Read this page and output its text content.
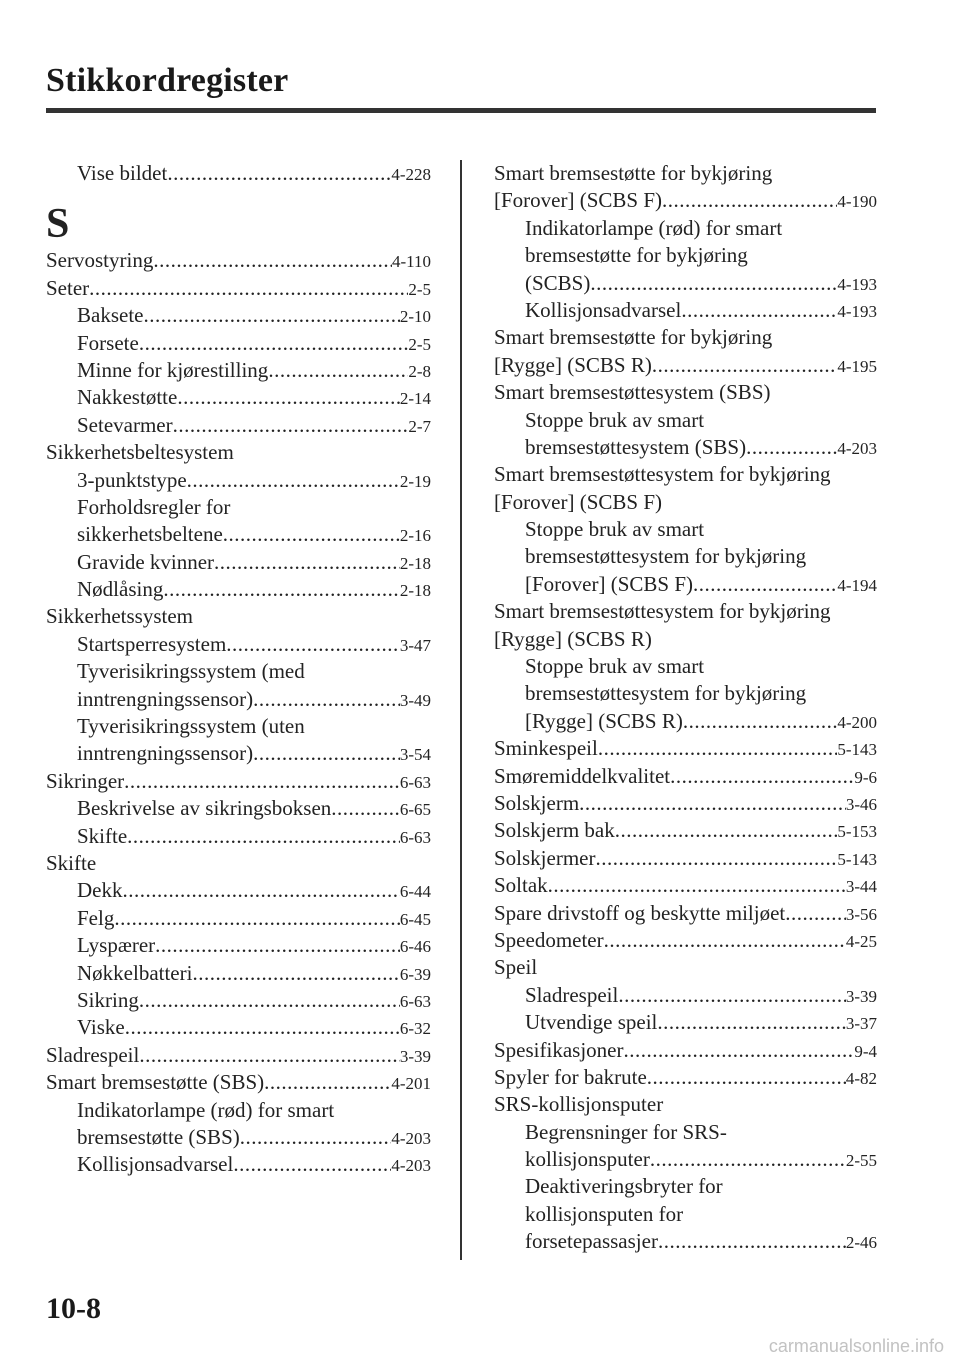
Stikkordregister
Vise bildet .....	4-228
S
Servostyring .....	4-110
Seter .....	2-5
Baksete .....	2-10
Forsete .....	2-5
Minne for kjørestilling .....	2-8
Nakkestøtte .....	2-14
Setevarmer .....	2-7
Sikkerhetsbeltesystem
3-punktstype .....	2-19
Forholdsregler for
sikkerhetsbeltene .....	2-16
Gravide kvinner .....	2-18
Nødlåsing .....	2-18
Sikkerhetssystem
Startsperresystem .....	3-47
Tyverisikringssystem (med
inntrengningssensor) .....	3-49
Tyverisikringssystem (uten
inntrengningssensor) .....	3-54
Sikringer .....	6-63
Beskrivelse av sikringsboksen .....	6-65
Skifte .....	6-63
Skifte
Dekk .....	6-44
Felg .....	6-45
Lyspærer .....	6-46
Nøkkelbatteri .....	6-39
Sikring .....	6-63
Viske .....	6-32
Sladrespeil .....	3-39
Smart bremsestøtte (SBS) .....	4-201
Indikatorlampe (rød) for smart
bremsestøtte (SBS) .....	4-203
Kollisjonsadvarsel .....	4-203
Smart bremsestøtte for bykjøring
[Forover] (SCBS F) .....	4-190
Indikatorlampe (rød) for smart
bremsestøtte for bykjøring
(SCBS) .....	4-193
Kollisjonsadvarsel .....	4-193
Smart bremsestøtte for bykjøring
[Rygge] (SCBS R) .....	4-195
Smart bremsestøttesystem (SBS)
Stoppe bruk av smart
bremsestøttesystem (SBS) .....	4-203
Smart bremsestøttesystem for bykjøring
[Forover] (SCBS F)
Stoppe bruk av smart
bremsestøttesystem for bykjøring
[Forover] (SCBS F) .....	4-194
Smart bremsestøttesystem for bykjøring
[Rygge] (SCBS R)
Stoppe bruk av smart
bremsestøttesystem for bykjøring
[Rygge] (SCBS R) .....	4-200
Sminkespeil .....	5-143
Smøremiddelkvalitet .....	9-6
Solskjerm .....	3-46
Solskjerm bak .....	5-153
Solskjermer .....	5-143
Soltak .....	3-44
Spare drivstoff og beskytte miljøet .....	3-56
Speedometer .....	4-25
Speil
Sladrespeil .....	3-39
Utvendige speil .....	3-37
Spesifikasjoner .....	9-4
Spyler for bakrute .....	4-82
SRS-kollisjonsputer
Begrensninger for SRS-
kollisjonsputer .....	2-55
Deaktiveringsbryter for
kollisjonsputen for
forsetepassasjer .....	2-46
10-8
carmanualsonline.info
